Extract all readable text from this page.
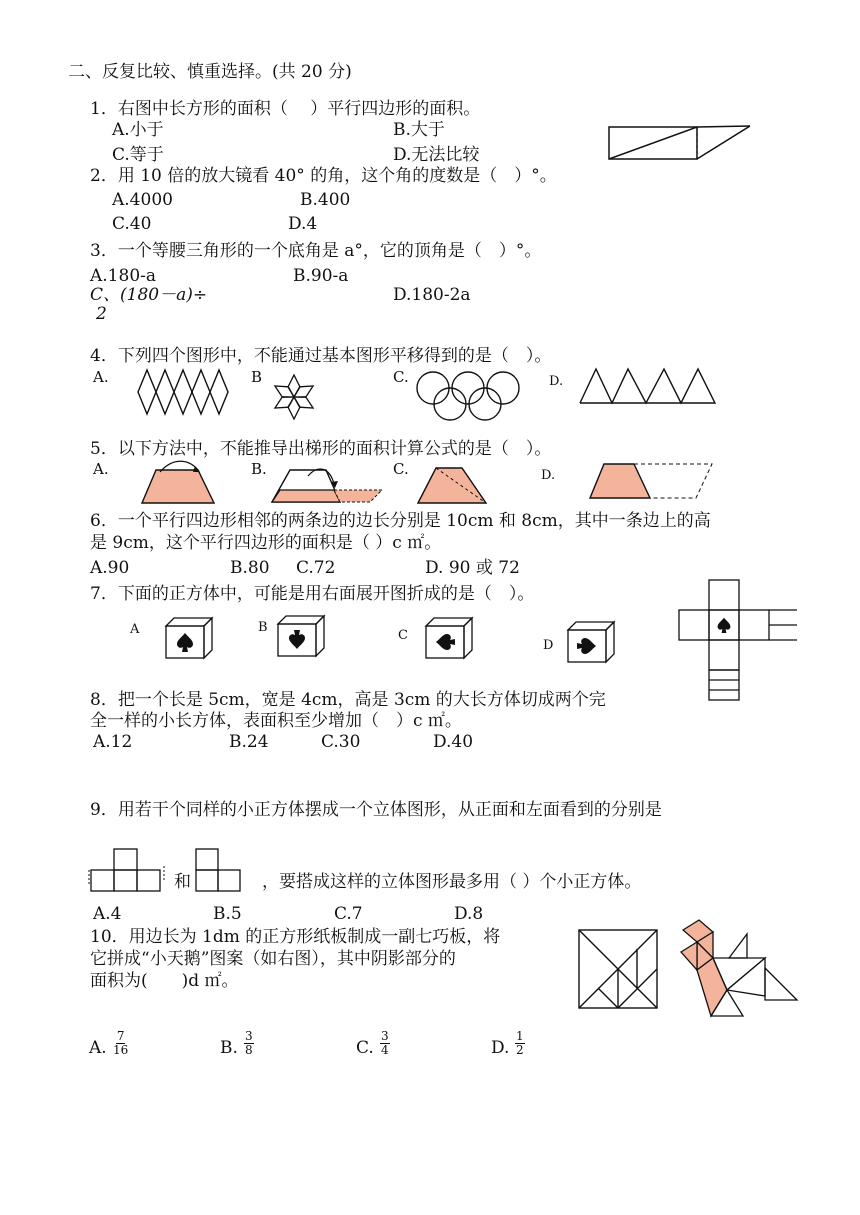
二、反复比较、慎重选择。(共 20 分)
1．右图中长方形的面积（　 ）平行四边形的面积。
A.小于	B.大于
C.等于	D.无法比较
2．用 10 倍的放大镜看 40° 的角，这个角的度数是（　）°。
A.4000	B.400
C.40	D.4
3．一个等腰三角形的一个底角是 a°，它的顶角是（　）°。
A.180-a	B.90-a
C、(180－a)÷
2
D.180-2a
4．下列四个图形中，不能通过基本图形平移得到的是（　）。
A.	B	C.	D.
5．以下方法中，不能推导出梯形的面积计算公式的是（　）。
A.	B.	C.	D.
6．一个平行四边形相邻的两条边的边长分别是 10cm 和 8cm，其中一条边上的高
是 9cm，这个平行四边形的面积是（ ）c ㎡。
A.90	B.80 C.72	D. 90 或 72
7．下面的正方体中，可能是用右面展开图折成的是（　）。
A	B
C
D
8．把一个长是 5cm，宽是 4cm，高是 3cm 的大长方体切成两个完
全一样的小长方体，表面积至少增加（　）c ㎡。
A.12	B.24	C.30	D.40
9．用若干个同样的小正方体摆成一个立体图形，从正面和左面看到的分别是
和	，要搭成这样的立体图形最多用（ ）个小正方体。
A.4	B.5	C.7	D.8
10．用边长为 1dm 的正方形纸板制成一副七巧板，将
它拼成“小天鹅”图案（如右图），其中阴影部分的
面积为(　　)d ㎡。
A. $\frac{7}{16}$	B. $\frac{3}{8}$	C. $\frac{3}{4}$	D. $\frac{1}{2}$
